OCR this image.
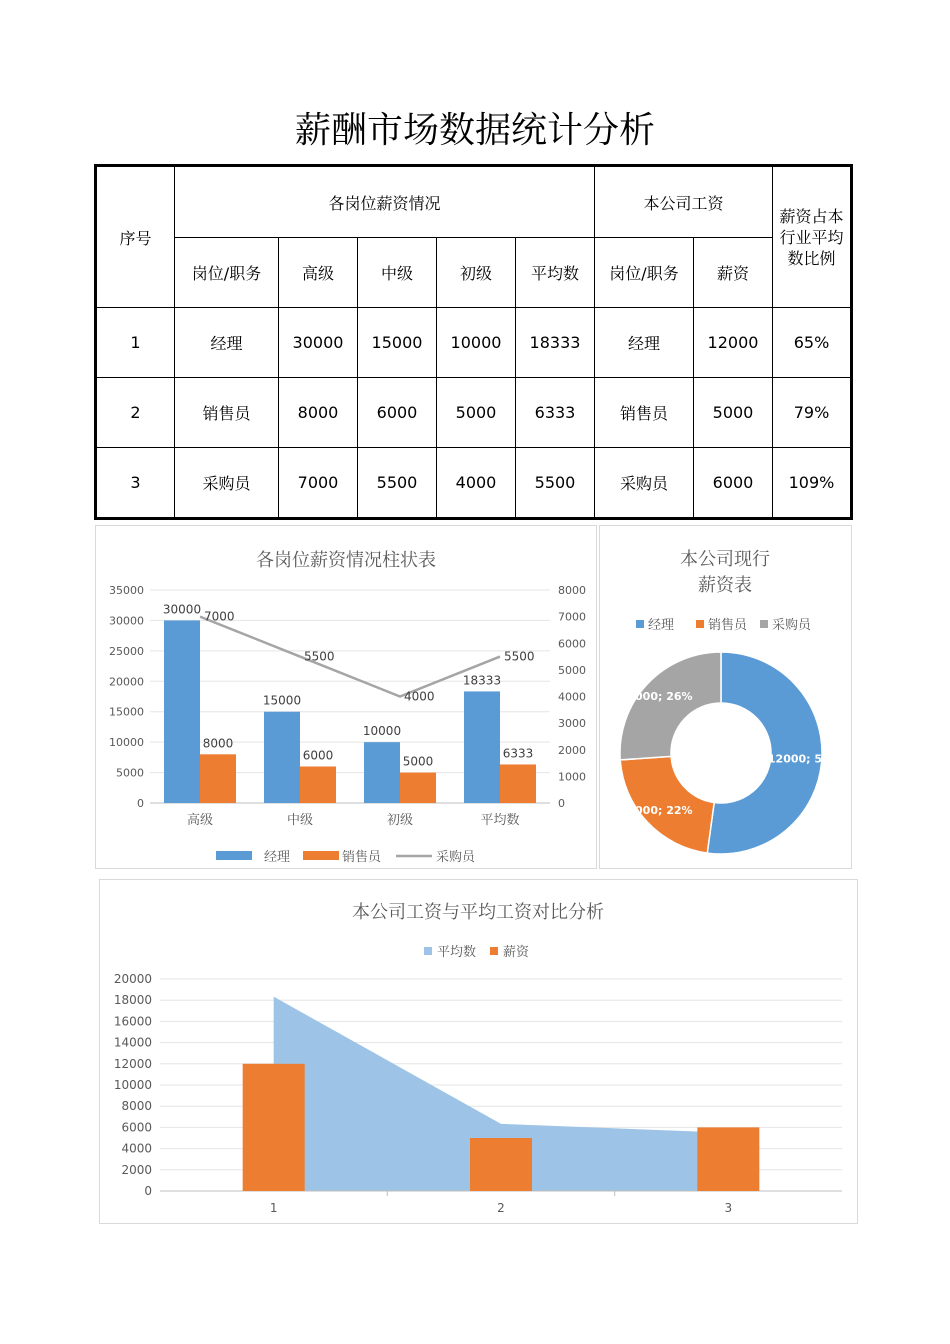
薪酬市场数据统计分析
序号	各岗位薪资情况					本公司工资		薪资占本行业平均数比例

	岗位/职务	高级	中级	初级	平均数	岗位/职务	薪资	
1	经理	30000	15000	10000	18333	经理	12000	65%
2	销售员	8000	6000	5000	6333	销售员	5000	79%
3	采购员	7000	5500	4000	5500	采购员	6000	109%
各岗位薪资情况柱状表
0
5000
10000
15000
20000
25000
30000
35000
0
1000
2000
3000
4000
5000
6000
7000
8000
高级
30000
8000
中级
15000
6000
初级
10000
5000
平均数
18333
6333
7000
5500
4000
5500
经理	销售员	采购员
本公司现行
薪资表
经理	销售员 采购员
12000; 52%
5000; 22%
6000; 26%
本公司工资与平均工资对比分析
平均数 薪资
0
2000
4000
6000
8000
10000
12000
14000
16000
18000
20000
1	2	3
